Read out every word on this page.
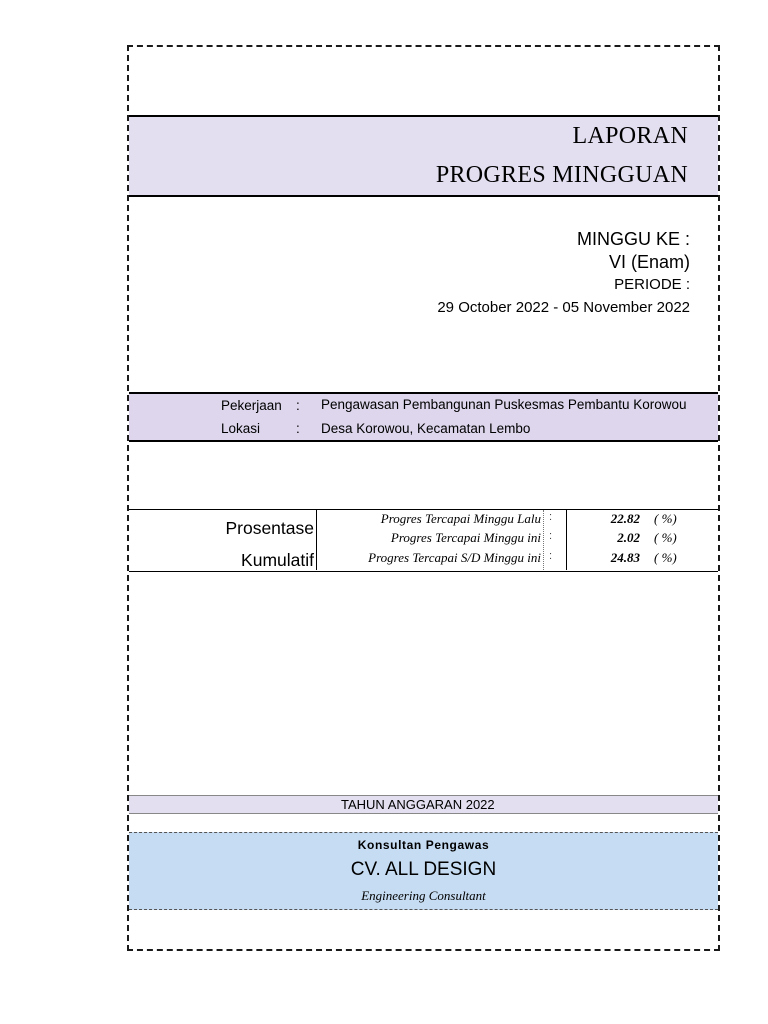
LAPORAN
PROGRES MINGGUAN
MINGGU KE :
VI (Enam)
PERIODE :
29 October 2022 - 05 November 2022
Pekerjaan : Pengawasan Pembangunan Puskesmas Pembantu Korowou
Lokasi	: Desa Korowou, Kecamatan Lembo
Prosentase
Kumulatif
Progres Tercapai Minggu Lalu :	22.82 ( %)
Progres Tercapai Minggu ini :	2.02 ( %)
Progres Tercapai S/D Minggu ini :	24.83 ( %)
TAHUN ANGGARAN 2022
Konsultan Pengawas
CV. ALL DESIGN
Engineering Consultant
